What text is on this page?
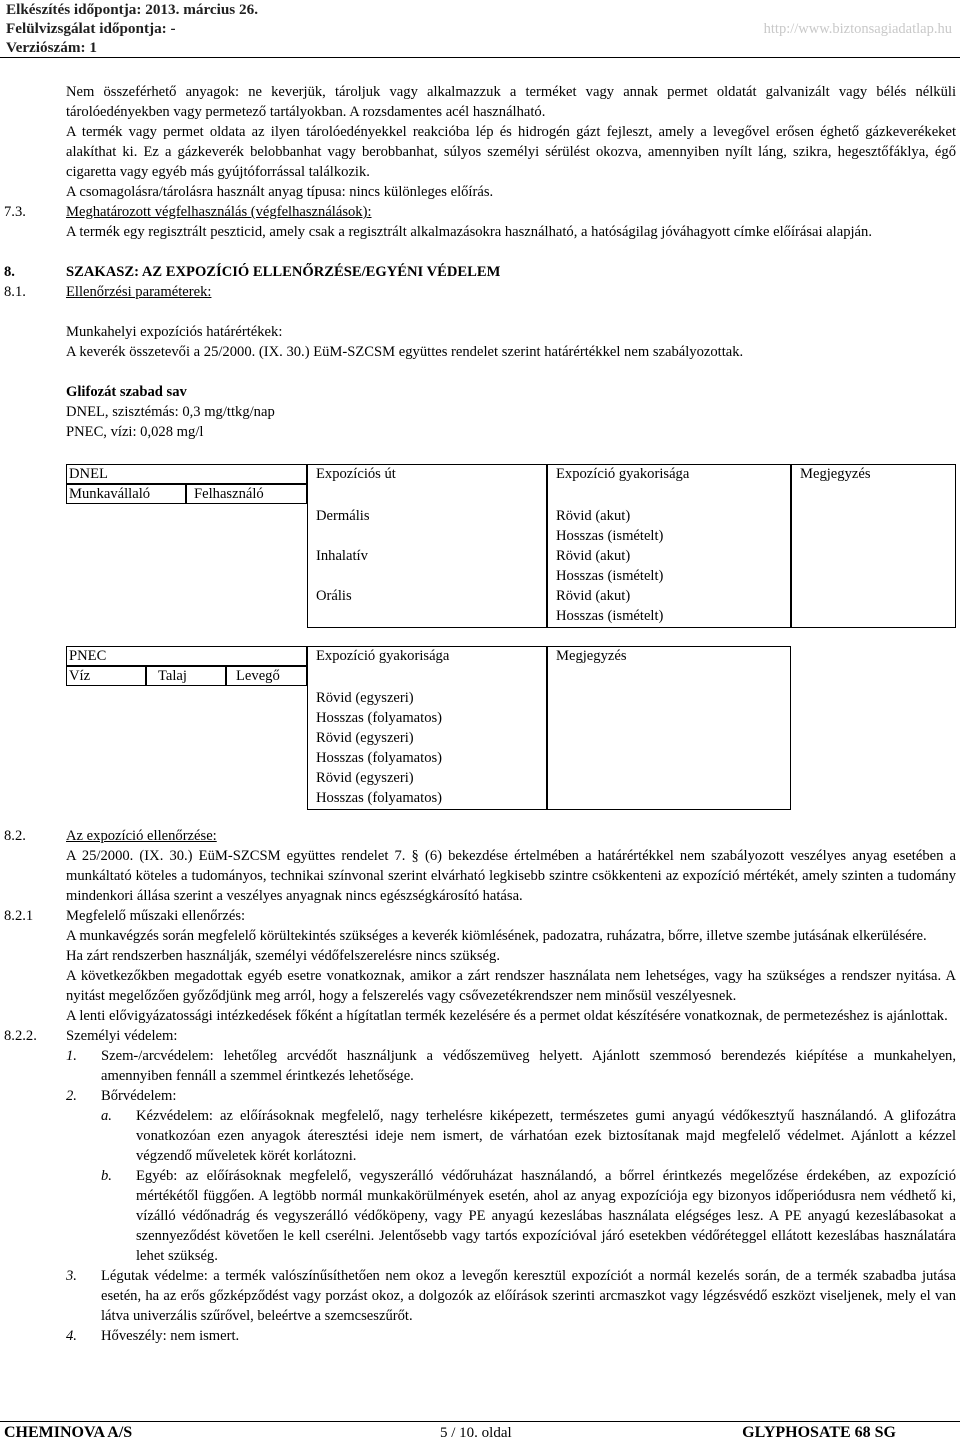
Elkészítés időpontja: 2013. március 26.
Felülvizsgálat időpontja: -
Verziószám: 1
http://www.biztonsagiadatlap.hu
Nem összeférhető anyagok: ne keverjük, tároljuk vagy alkalmazzuk a terméket vagy annak permet oldatát galvanizált vagy bélés nélküli tárolóedényekben vagy permetező tartályokban. A rozsdamentes acél használható.
A termék vagy permet oldata az ilyen tárolóedényekkel reakcióba lép és hidrogén gázt fejleszt, amely a levegővel erősen éghető gázkeverékeket alakíthat ki. Ez a gázkeverék belobbanhat vagy berobbanhat, súlyos személyi sérülést okozva, amennyiben nyílt láng, szikra, hegesztőfáklya, égő cigaretta vagy egyéb más gyújtóforrással találkozik.
A csomagolásra/tárolásra használt anyag típusa: nincs különleges előírás.
7.3.	Meghatározott végfelhasználás (végfelhasználások):
A termék egy regisztrált peszticid, amely csak a regisztrált alkalmazásokra használható, a hatóságilag jóváhagyott címke előírásai alapján.
8.	SZAKASZ: AZ EXPOZÍCIÓ ELLENŐRZÉSE/EGYÉNI VÉDELEM
8.1.	Ellenőrzési paraméterek:
Munkahelyi expozíciós határértékek:
A keverék összetevői a 25/2000. (IX. 30.) EüM-SZCSM együttes rendelet szerint határértékkel nem szabályozottak.
Glifozát szabad sav
DNEL, szisztémás: 0,3 mg/ttkg/nap
PNEC, vízi: 0,028 mg/l
DNEL	Expozíciós út	Expozíció gyakorisága	Megjegyzés
Munkavállaló	Felhasználó
Dermális	Rövid (akut)
Hosszas (ismételt)
Inhalatív	Rövid (akut)
Hosszas (ismételt)
Orális	Rövid (akut)
Hosszas (ismételt)
PNEC	Expozíció gyakorisága	Megjegyzés
Víz	Talaj	Levegő
Rövid (egyszeri)
Hosszas (folyamatos)
Rövid (egyszeri)
Hosszas (folyamatos)
Rövid (egyszeri)
Hosszas (folyamatos)
8.2.	Az expozíció ellenőrzése:
A 25/2000. (IX. 30.) EüM-SZCSM együttes rendelet 7. § (6) bekezdése értelmében a határértékkel nem szabályozott veszélyes anyag esetében a munkáltató köteles a tudományos, technikai színvonal szerint elvárható legkisebb szintre csökkenteni az expozíció mértékét, amely szinten a tudomány mindenkori állása szerint a veszélyes anyagnak nincs egészségkárosító hatása.
8.2.1 Megfelelő műszaki ellenőrzés:
A munkavégzés során megfelelő körültekintés szükséges a keverék kiömlésének, padozatra, ruházatra, bőrre, illetve szembe jutásának elkerülésére.
Ha zárt rendszerben használják, személyi védőfelszerelésre nincs szükség.
A következőkben megadottak egyéb esetre vonatkoznak, amikor a zárt rendszer használata nem lehetséges, vagy ha szükséges a rendszer nyitása. A nyitást megelőzően győződjünk meg arról, hogy a felszerelés vagy csővezetékrendszer nem minősül veszélyesnek.
A lenti elővigyázatossági intézkedések főként a hígítatlan termék kezelésére és a permet oldat készítésére vonatkoznak, de permetezéshez is ajánlottak.
8.2.2. Személyi védelem:
1. Szem-/arcvédelem: lehetőleg arcvédőt használjunk a védőszemüveg helyett. Ajánlott szemmosó berendezés kiépítése a munkahelyen, amennyiben fennáll a szemmel érintkezés lehetősége.
2. Bőrvédelem:
a. Kézvédelem: az előírásoknak megfelelő, nagy terhelésre kiképezett, természetes gumi anyagú védőkesztyű használandó. A glifozátra vonatkozóan ezen anyagok áteresztési ideje nem ismert, de várhatóan ezek biztosítanak majd megfelelő védelmet. Ajánlott a kézzel végzendő műveletek körét korlátozni.
b. Egyéb: az előírásoknak megfelelő, vegyszerálló védőruházat használandó, a bőrrel érintkezés megelőzése érdekében, az expozíció mértékétől függően. A legtöbb normál munkakörülmények esetén, ahol az anyag expozíciója egy bizonyos időperiódusra nem védhető ki, vízálló védőnadrág és vegyszerálló védőköpeny, vagy PE anyagú kezeslábas használata elégséges lesz. A PE anyagú kezeslábasokat a szennyeződést követően le kell cserélni. Jelentősebb vagy tartós expozícióval járó esetekben védőréteggel ellátott kezeslábas használatára lehet szükség.
3. Légutak védelme: a termék valószínűsíthetően nem okoz a levegőn keresztül expozíciót a normál kezelés során, de a termék szabadba jutása esetén, ha az erős gőzképződést vagy porzást okoz, a dolgozók az előírások szerinti arcmaszkot vagy légzésvédő eszközt viseljenek, mely el van látva univerzális szűrővel, beleértve a szemcseszűrőt.
4. Hőveszély: nem ismert.
CHEMINOVA A/S	5 / 10. oldal	GLYPHOSATE 68 SG
